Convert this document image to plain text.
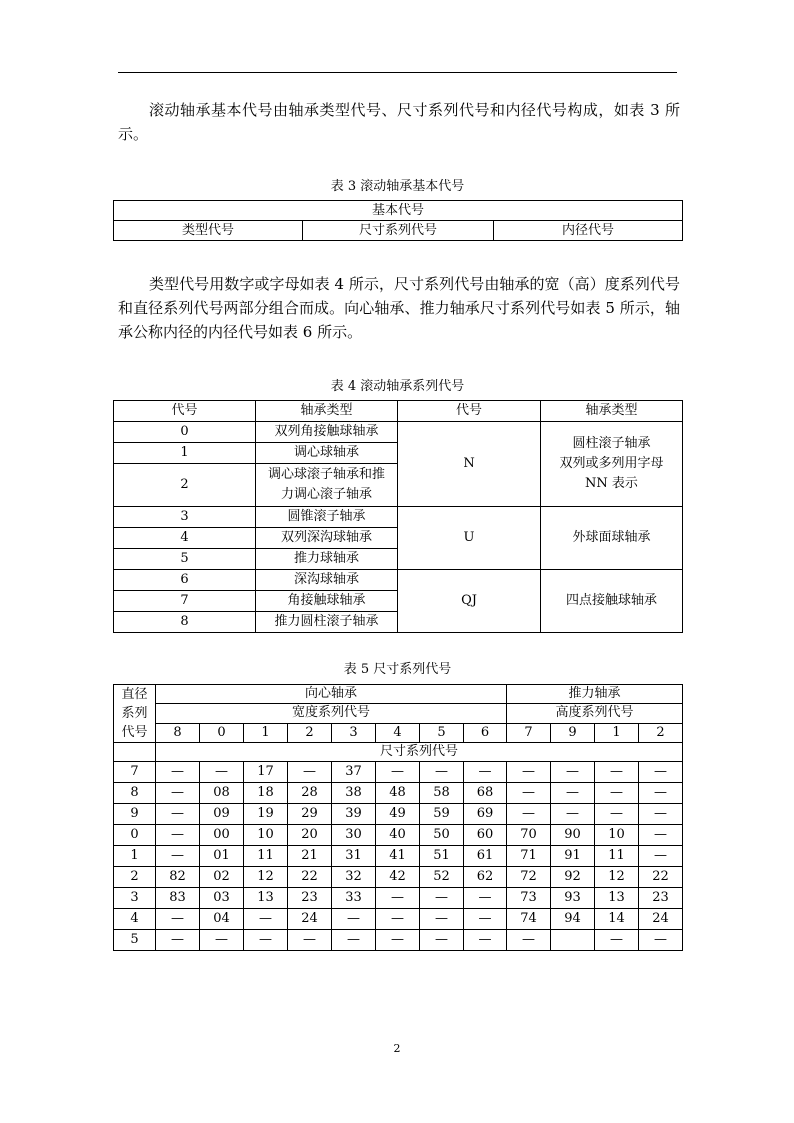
滚动轴承基本代号由轴承类型代号、尺寸系列代号和内径代号构成，如表 3 所示。

表 3 滚动轴承基本代号
基本代号
类型代号	尺寸系列代号	内径代号

类型代号用数字或字母如表 4 所示，尺寸系列代号由轴承的宽（高）度系列代号和直径系列代号两部分组合而成。向心轴承、推力轴承尺寸系列代号如表 5 所示，轴承公称内径的内径代号如表 6 所示。

表 4 滚动轴承系列代号
代号	轴承类型	代号	轴承类型
0	双列角接触球轴承	N	圆柱滚子轴承
双列或多列用字母 NN 表示

1	调心球轴承		
2	调心球滚子轴承和推力调心滚子轴承		
3	圆锥滚子轴承	U	外球面球轴承
4	双列深沟球轴承		
5	推力球轴承		
6	深沟球轴承	QJ	四点接触球轴承
7	角接触球轴承		
8	推力圆柱滚子轴承		
表 5 尺寸系列代号
直径系列代号	向心轴承								推力轴承			
	宽度系列代号								高度系列代号			
	8	0	1	2	3	4	5	6	7	9	1	2
	尺寸系列代号											
7	—	—	17	—	37	—	—	—	—	—	—	—
8	—	08	18	28	38	48	58	68	—	—	—	—
9	—	09	19	29	39	49	59	69	—	—	—	—
0	—	00	10	20	30	40	50	60	70	90	10	—
1	—	01	11	21	31	41	51	61	71	91	11	—
2	82	02	12	22	32	42	52	62	72	92	12	22
3	83	03	13	23	33	—	—	—	73	93	13	23
4	—	04	—	24	—	—	—	—	74	94	14	24
5	—	—	—	—	—	—	—	—	—		—	—
2
